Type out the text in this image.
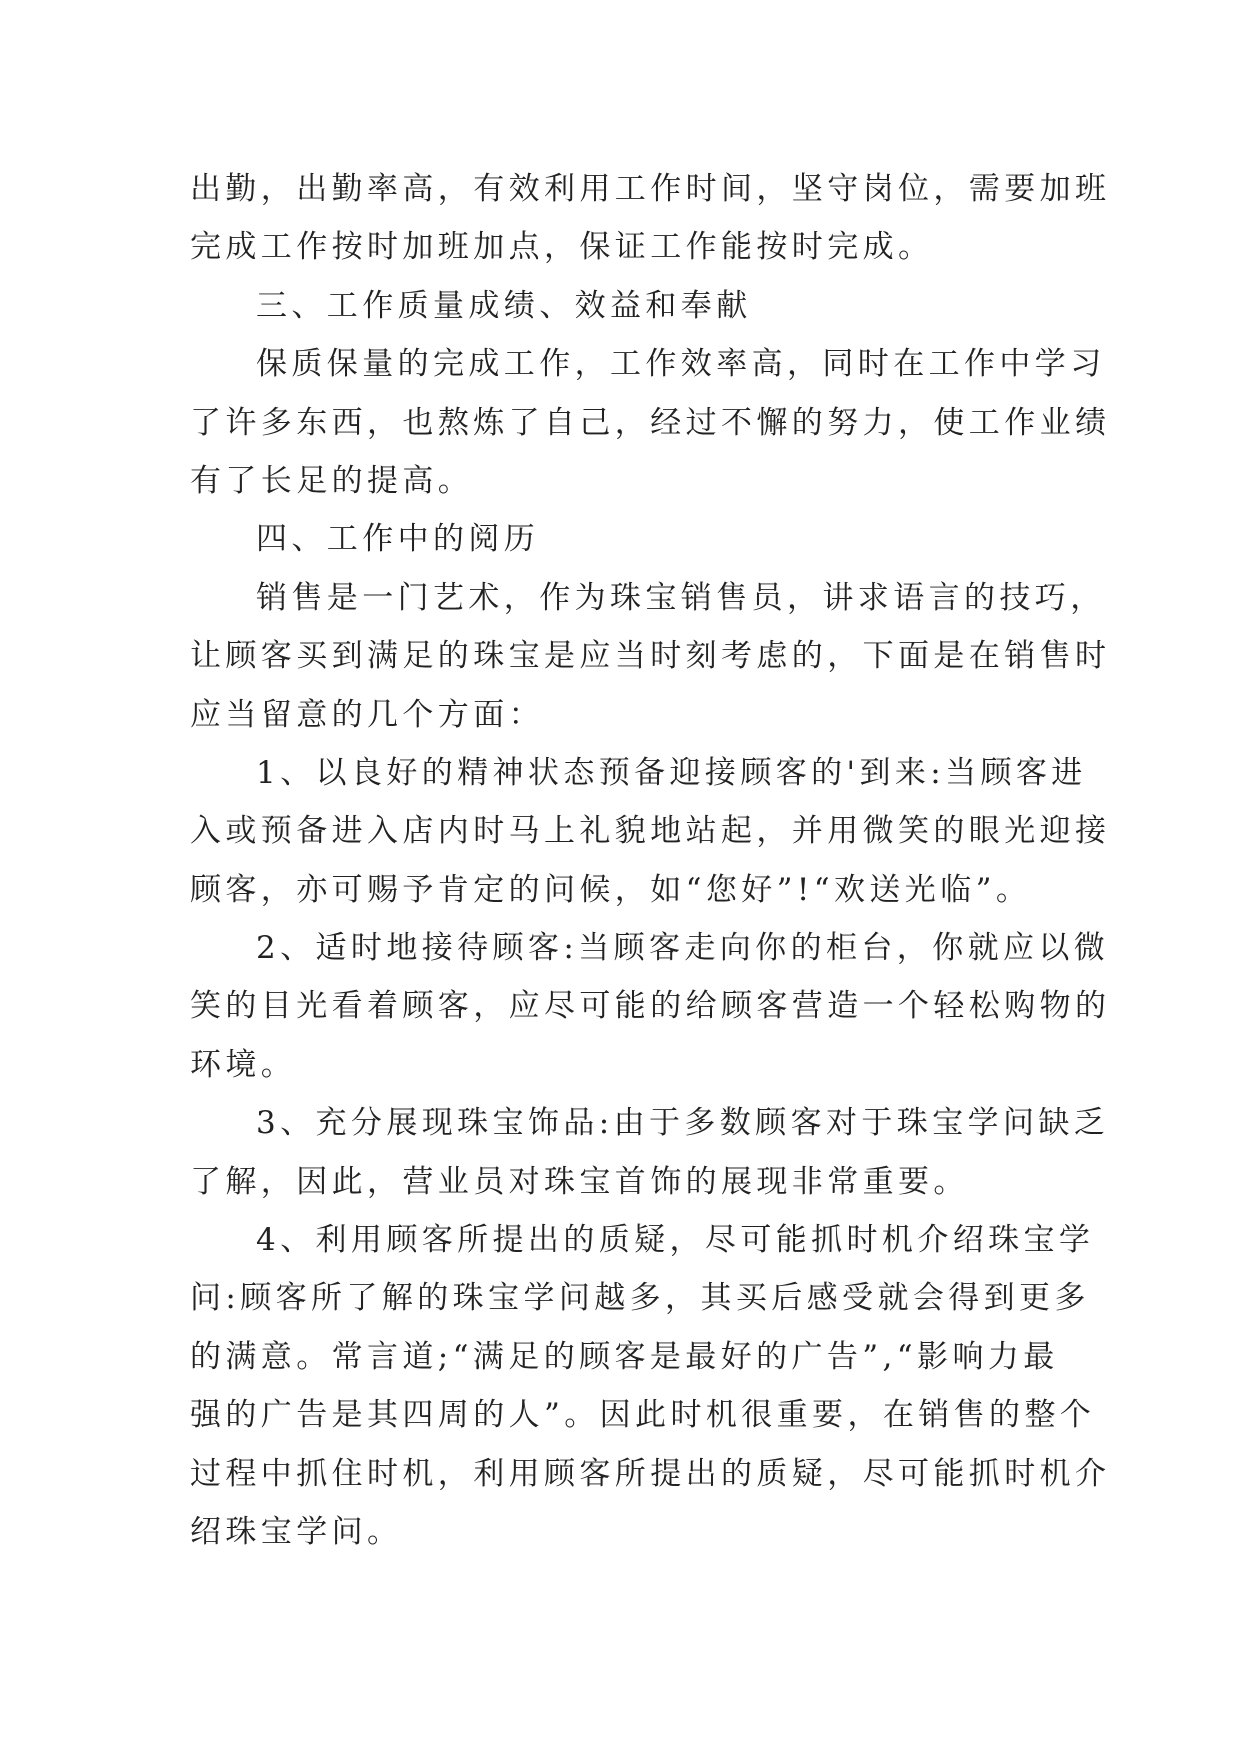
出勤，出勤率高，有效利用工作时间，坚守岗位，需要加班
完成工作按时加班加点，保证工作能按时完成。
三、工作质量成绩、效益和奉献
保质保量的完成工作，工作效率高，同时在工作中学习
了许多东西，也熬炼了自己，经过不懈的努力，使工作业绩
有了长足的提高。
四、工作中的阅历
销售是一门艺术，作为珠宝销售员，讲求语言的技巧，
让顾客买到满足的珠宝是应当时刻考虑的，下面是在销售时
应当留意的几个方面：
1、以良好的精神状态预备迎接顾客的'到来:当顾客进
入或预备进入店内时马上礼貌地站起，并用微笑的眼光迎接
顾客，亦可赐予肯定的问候，如“您好”!“欢送光临”。
2、适时地接待顾客:当顾客走向你的柜台，你就应以微
笑的目光看着顾客，应尽可能的给顾客营造一个轻松购物的
环境。
3、充分展现珠宝饰品:由于多数顾客对于珠宝学问缺乏
了解，因此，营业员对珠宝首饰的展现非常重要。
4、利用顾客所提出的质疑，尽可能抓时机介绍珠宝学
问:顾客所了解的珠宝学问越多，其买后感受就会得到更多
的满意。常言道;“满足的顾客是最好的广告”,“影响力最
强的广告是其四周的人”。因此时机很重要，在销售的整个
过程中抓住时机，利用顾客所提出的质疑，尽可能抓时机介
绍珠宝学问。
